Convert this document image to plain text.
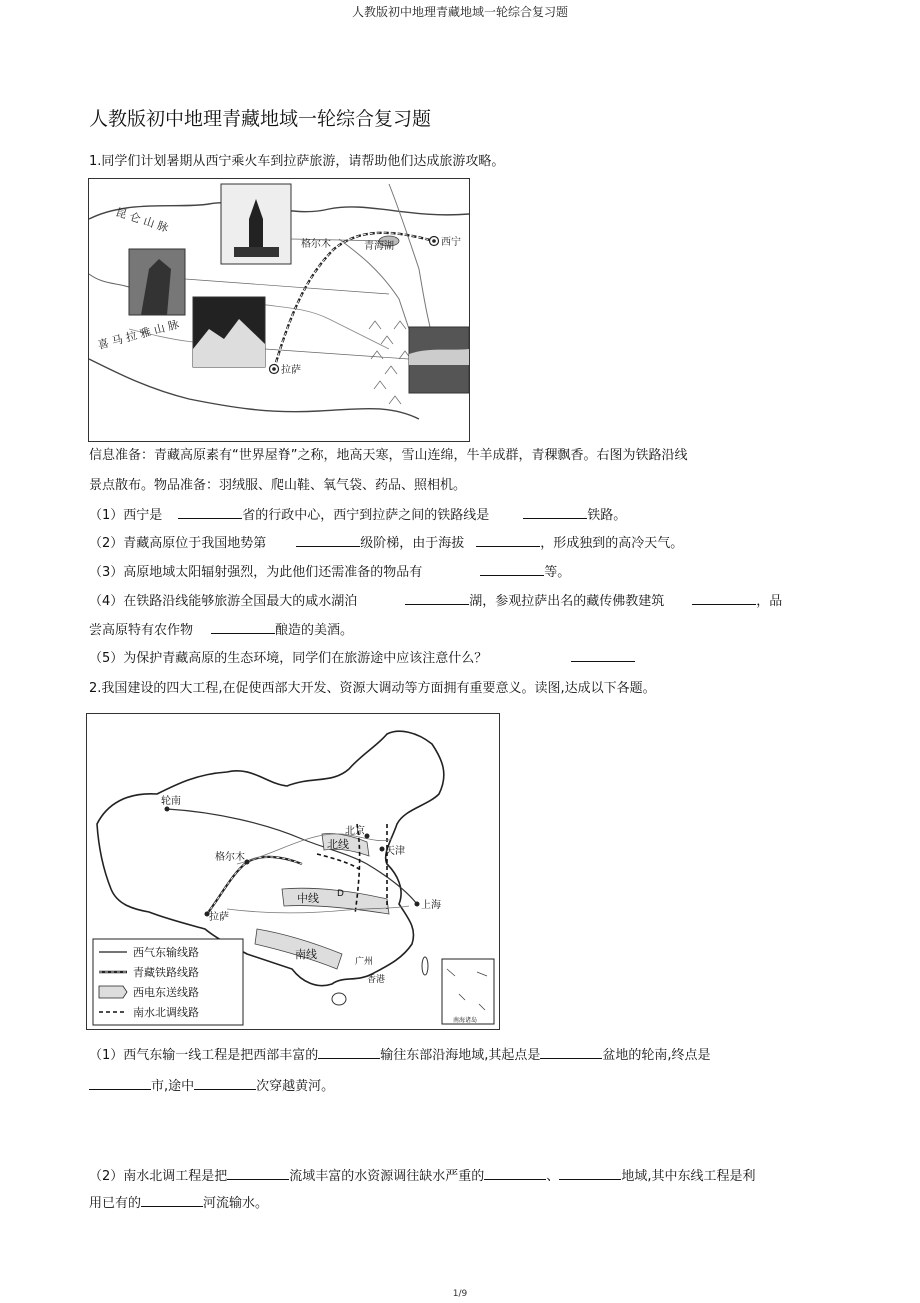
人教版初中地理青藏地域一轮综合复习题
人教版初中地理青藏地域一轮综合复习题
1.同学们计划暑期从西宁乘火车到拉萨旅游，请帮助他们达成旅游攻略。
昆 仑 山 脉
格尔木	青海湖	西宁
喜 马 拉 雅 山 脉
拉萨
信息准备：青藏高原素有“世界屋脊”之称，地高天寒，雪山连绵，牛羊成群，青稞飘香。右图为铁路沿线
景点散布。物品准备：羽绒服、爬山鞋、氧气袋、药品、照相机。
（1）西宁是	省的行政中心，西宁到拉萨之间的铁路线是	铁路。
（2）青藏高原位于我国地势第	级阶梯，由于海拔	，形成独到的高冷天气。
（3）高原地域太阳辐射强烈，为此他们还需准备的物品有	等。
（4）在铁路沿线能够旅游全国最大的咸水湖泊	湖，参观拉萨出名的藏传佛教建筑	，品
尝高原特有农作物	酿造的美酒。
（5）为保护青藏高原的生态环境，同学们在旅游途中应该注意什么？
2.我国建设的四大工程,在促使西部大开发、资源大调动等方面拥有重要意义。读图,达成以下各题。
西气东输线路
青藏铁路线路
西电东送线路
南水北调线路
南海诸岛
轮南
北京
天津
北线
格尔木
D
中线
上海
拉萨
南线
广州
香港
（1）西气东输一线工程是把西部丰富的	输往东部沿海地域,其起点是	盆地的轮南,终点是
市,途中	次穿越黄河。
（2）南水北调工程是把	流域丰富的水资源调往缺水严重的	、	地域,其中东线工程是利
用已有的	河流输水。
1/9
